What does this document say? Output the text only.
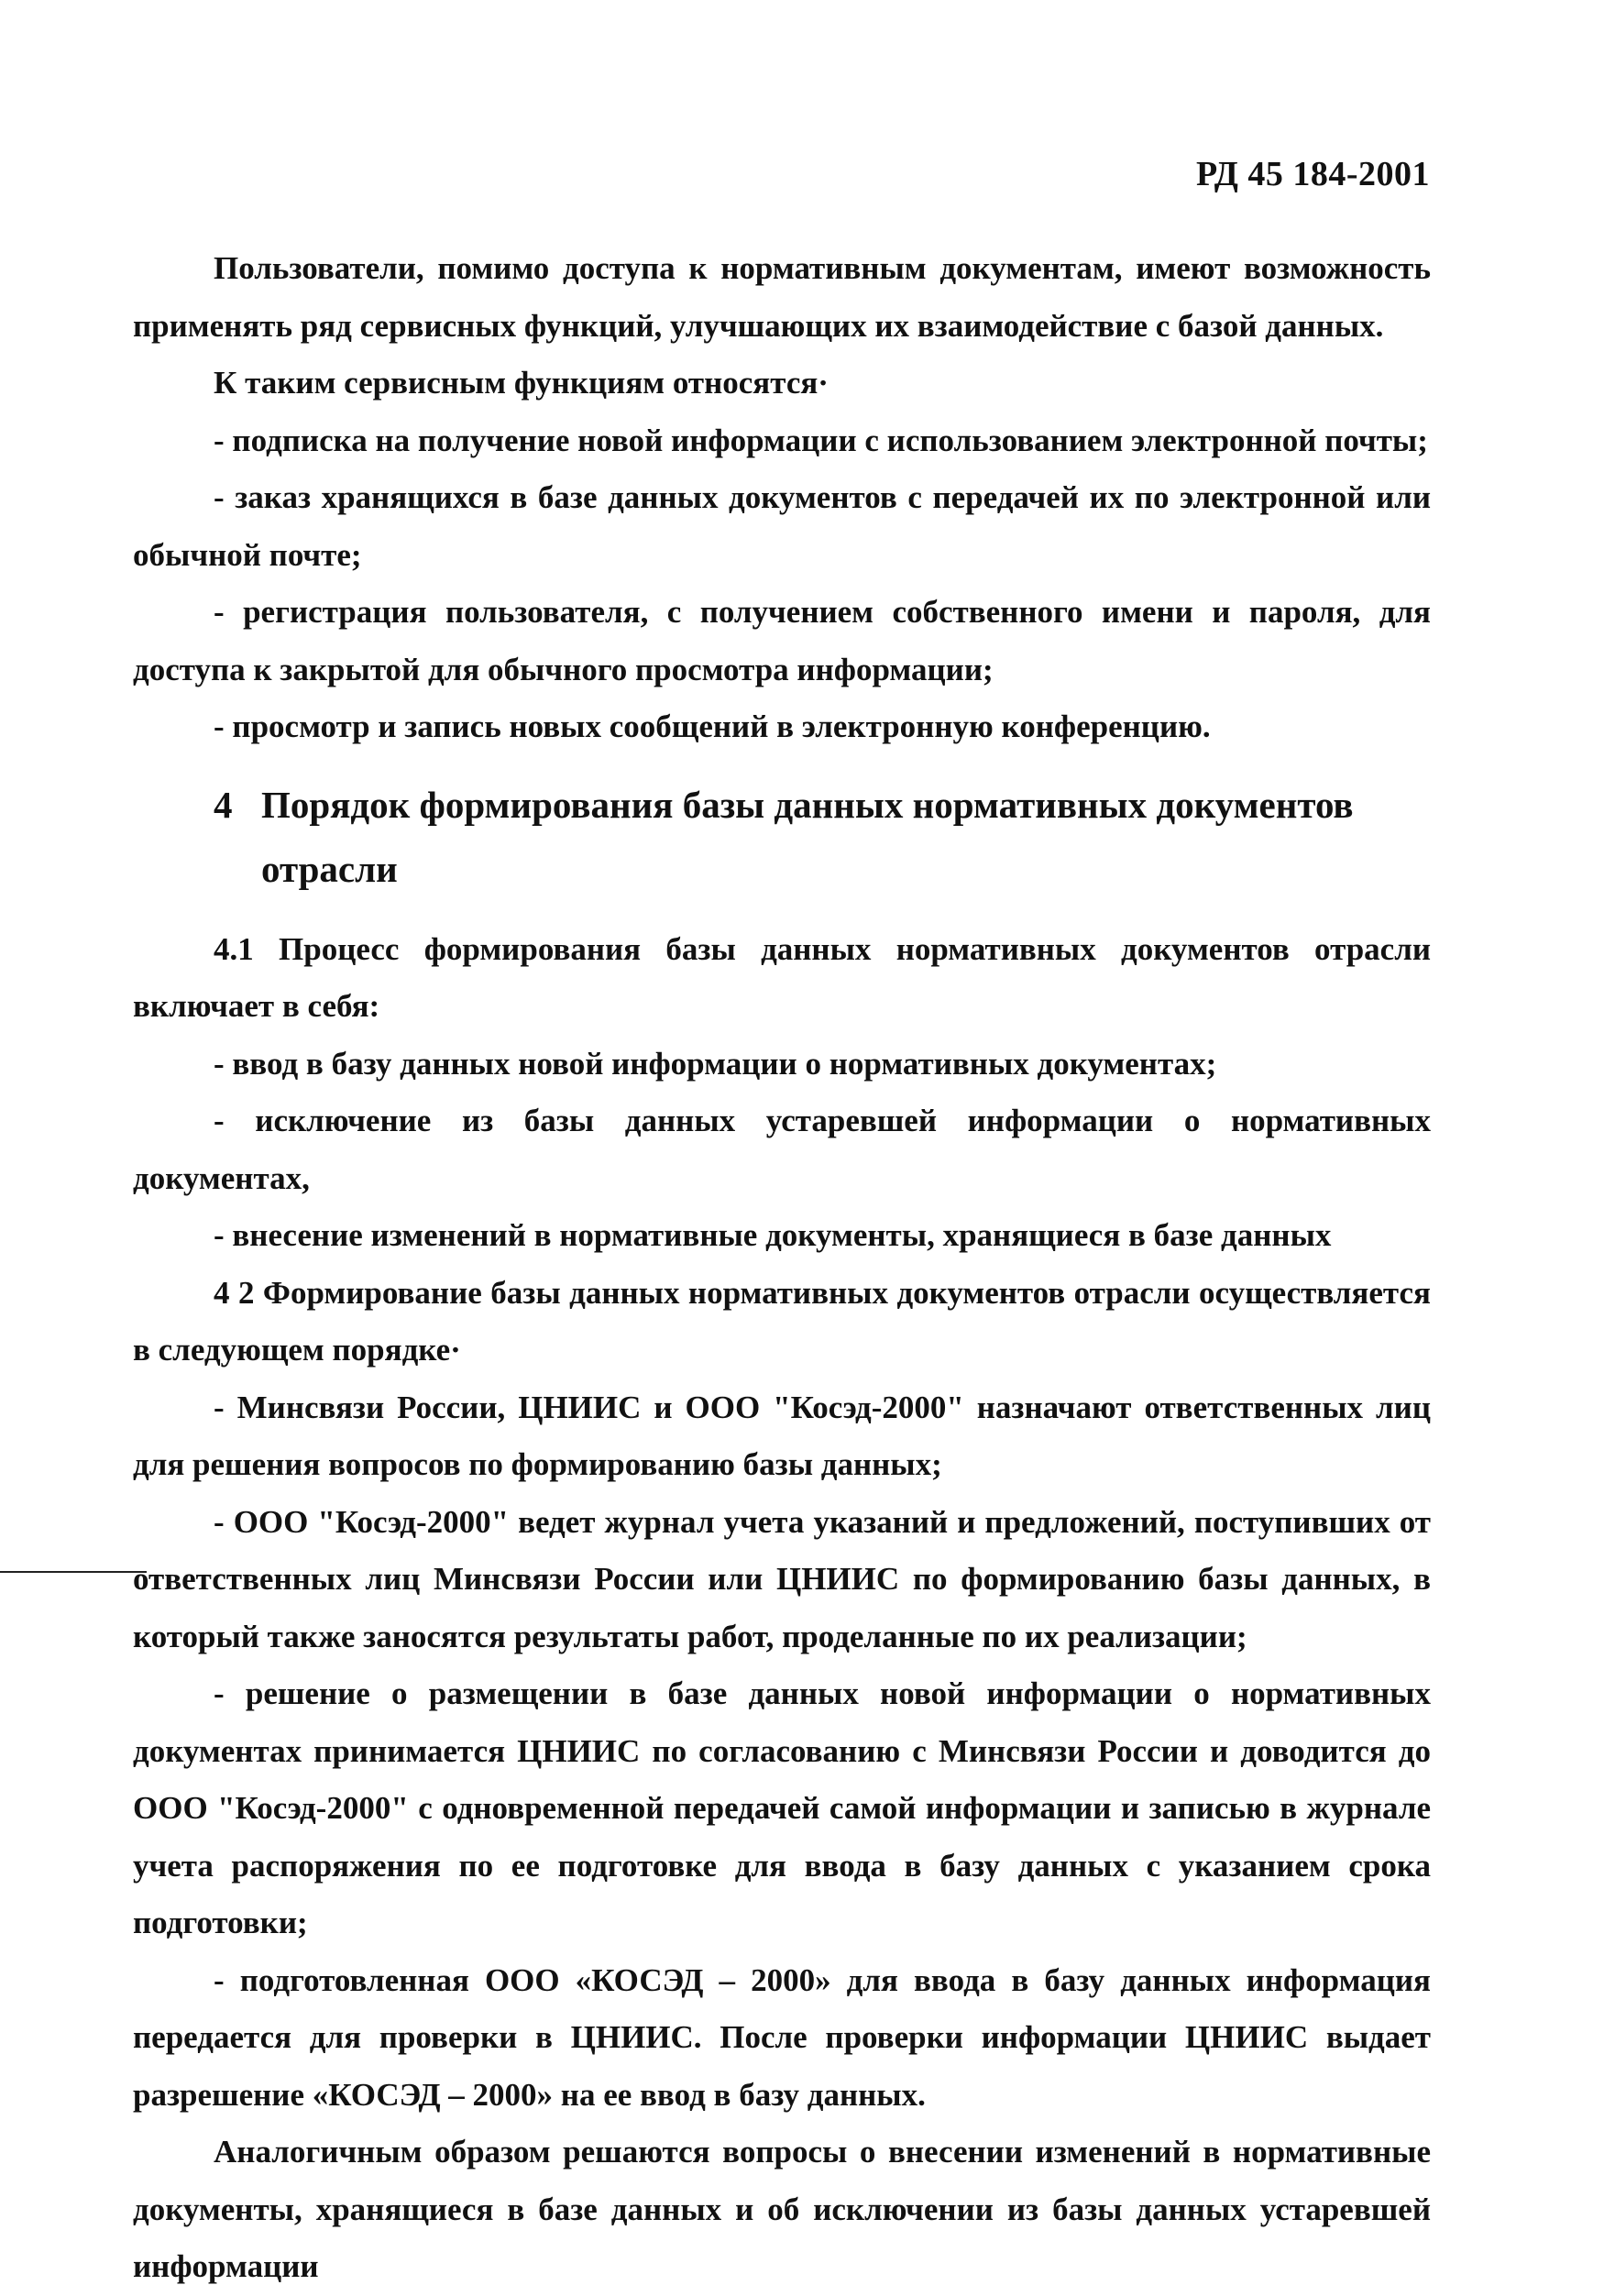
РД 45 184-2001

Пользователи, помимо доступа к нормативным документам, имеют возможность применять ряд сервисных функций, улучшающих их взаимодействие с базой данных.

К таким сервисным функциям относятся·

- подписка на получение новой информации с использованием электронной почты;

- заказ хранящихся в базе данных документов с передачей их по электронной или обычной почте;

- регистрация пользователя, с получением собственного имени и пароля, для доступа к закрытой для обычного просмотра информации;

- просмотр и запись новых сообщений в электронную конференцию.

4 Порядок формирования базы данных нормативных документов отрасли

4.1 Процесс формирования базы данных нормативных документов отрасли включает в себя:

- ввод в базу данных новой информации о нормативных документах;

- исключение из базы данных устаревшей информации о нормативных документах,

- внесение изменений в нормативные документы, хранящиеся в базе данных

4 2 Формирование базы данных нормативных документов отрасли осуществляется в следующем порядке·

- Минсвязи России, ЦНИИС и ООО "Косэд-2000" назначают ответственных лиц для решения вопросов по формированию базы данных;

- ООО "Косэд-2000" ведет журнал учета указаний и предложений, поступивших от ответственных лиц Минсвязи России или ЦНИИС по формированию базы данных, в который также заносятся результаты работ, проделанные по их реализации;

- решение о размещении в базе данных новой информации о нормативных документах принимается ЦНИИС по согласованию с Минсвязи России и доводится до ООО "Косэд-2000" с одновременной передачей самой информации и записью в журнале учета распоряжения по ее подготовке для ввода в базу данных с указанием срока подготовки;

- подготовленная ООО «КОСЭД – 2000» для ввода в базу данных информация передается для проверки в ЦНИИС. После проверки информации ЦНИИС выдает разрешение «КОСЭД – 2000» на ее ввод в базу данных.

Аналогичным образом решаются вопросы о внесении изменений в нормативные документы, хранящиеся в базе данных и об исключении из базы данных устаревшей информации
